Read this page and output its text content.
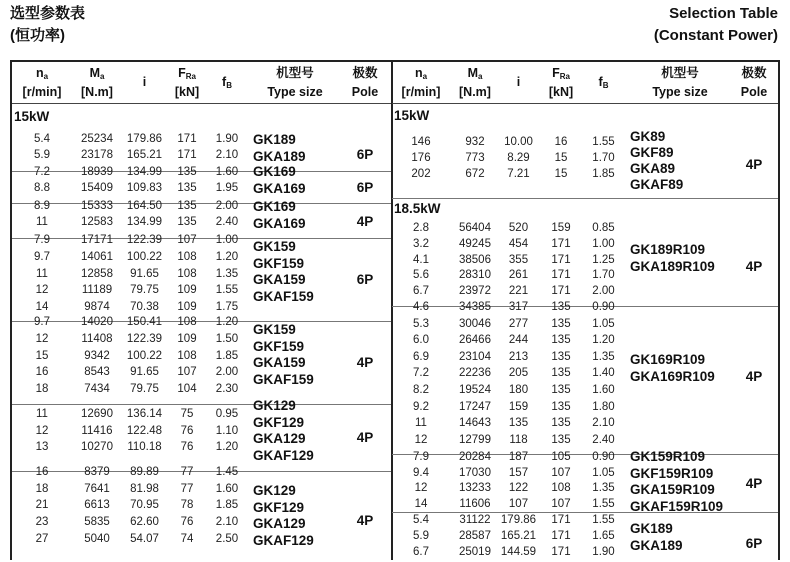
选型参数表
(恒功率)
Selection Table
(Constant Power)
$n_a$
[r/min]
$M_a$
[N.m]
i
$F_{Ra}$
[kN]
$f_B$
机型号
Type size
极数
Pole
15kW
5.4	25234	179.86	171	1.90
5.9	23178	165.21	171	2.10
GK189
GKA189	6P
7.2	18939	134.99	135	1.60
8.8	15409	109.83	135	1.95
GK169
GKA169	6P
8.9	15333	164.50	135	2.00
11	12583	134.99	135	2.40
GK169
GKA169	4P
7.9	17171	122.39	107	1.00
9.7	14061	100.22	108	1.20
11	12858	91.65	108	1.35
12	11189	79.75	109	1.55
14	9874	70.38	109	1.75
GK159
GKF159
GKA159
GKAF159
6P
9.7	14020	150.41	108	1.20
12	11408	122.39	109	1.50
15	9342	100.22	108	1.85
16	8543	91.65	107	2.00
18	7434	79.75	104	2.30
GK159
GKF159
GKA159
GKAF159
4P
11	12690	136.14	75	0.95
12	11416	122.48	76	1.10
13	10270	110.18	76	1.20
GK129
GKF129
GKA129
GKAF129
4P
16	8379	89.89	77	1.45
18	7641	81.98	77	1.60
21	6613	70.95	78	1.85
23	5835	62.60	76	2.10
27	5040	54.07	74	2.50
GK129
GKF129
GKA129
GKAF129
4P
$n_a$
[r/min]
$M_a$
[N.m]
i
$F_{Ra}$
[kN]
$f_B$
机型号
Type size
极数
Pole
15kW
18.5kW
146	932	10.00	16	1.55
176	773	8.29	15	1.70
202	672	7.21	15	1.85
GK89
GKF89
GKA89
GKAF89
4P
2.8	56404	520	159	0.85
3.2	49245	454	171	1.00
4.1	38506	355	171	1.25
5.6	28310	261	171	1.70
6.7	23972	221	171	2.00
GK189R109
GKA189R109	4P
4.6	34385	317	135	0.90
5.3	30046	277	135	1.05
6.0	26466	244	135	1.20
6.9	23104	213	135	1.35
7.2	22236	205	135	1.40
8.2	19524	180	135	1.60
9.2	17247	159	135	1.80
11	14643	135	135	2.10
12	12799	118	135	2.40
GK169R109
GKA169R109	4P
7.9	20284	187	105	0.90
9.4	17030	157	107	1.05
12	13233	122	108	1.35
14	11606	107	107	1.55
GK159R109
GKF159R109
GKA159R109
GKAF159R109
4P
5.4	31122 179.86	171	1.55
5.9	28587 165.21	171	1.65
6.7	25019 144.59	171	1.90
GK189
GKA189	6P
